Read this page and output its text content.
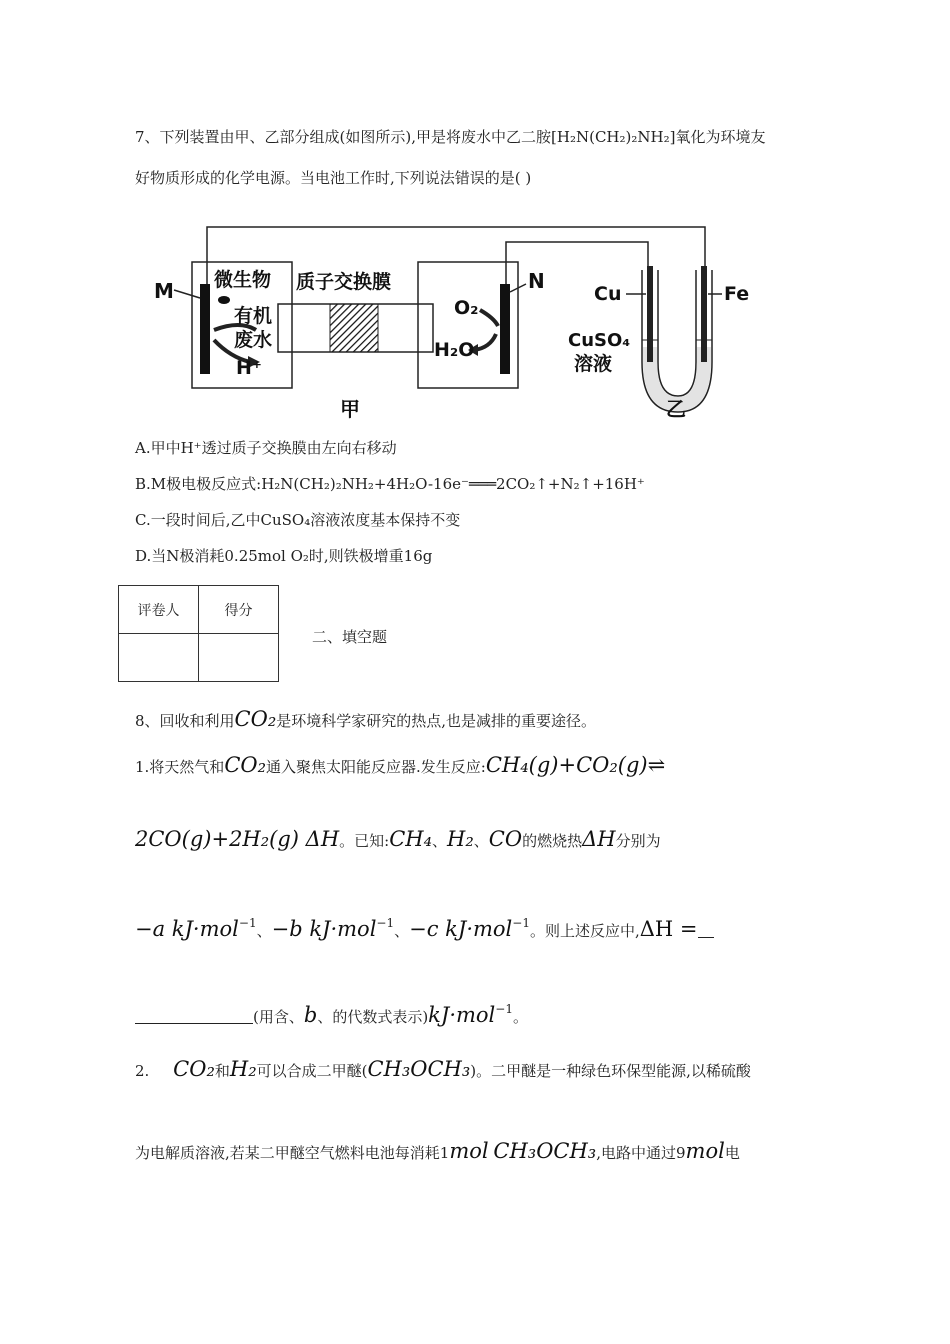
7、下列装置由甲、乙部分组成(如图所示),甲是将废水中乙二胺[H₂N(CH₂)₂NH₂]氧化为环境友
好物质形成的化学电源。当电池工作时,下列说法错误的是( )
M 微生物
有机
废水
H⁺
质子交换膜
O₂
H₂O
N
Cu	Fe
CuSO₄
溶液
甲	乙
A.甲中H⁺透过质子交换膜由左向右移动
B.M极电极反应式:H₂N(CH₂)₂NH₂+4H₂O-16e⁻═══2CO₂↑+N₂↑+16H⁺
C.一段时间后,乙中CuSO₄溶液浓度基本保持不变
D.当N极消耗0.25mol O₂时,则铁极增重16g
评卷人	得分

二、填空题
8、回收和利用CO₂是环境科学家研究的热点,也是减排的重要途径。
1.将天然气和CO₂通入聚焦太阳能反应器.发生反应:CH₄(g)+CO₂(g)⇌
2CO(g)+2H₂(g) ΔH。已知:CH₄、H₂、CO的燃烧热ΔH分别为
−a kJ·mol$^{-1}$、−b kJ·mol$^{-1}$、−c kJ·mol$^{-1}$。则上述反应中,ΔH =
(用含、b、的代数式表示)kJ·mol$^{-1}$。
2. CO₂和H₂可以合成二甲醚(CH₃OCH₃)。二甲醚是一种绿色环保型能源,以稀硫酸
为电解质溶液,若某二甲醚空气燃料电池每消耗1mol CH₃OCH₃,电路中通过9mol电
